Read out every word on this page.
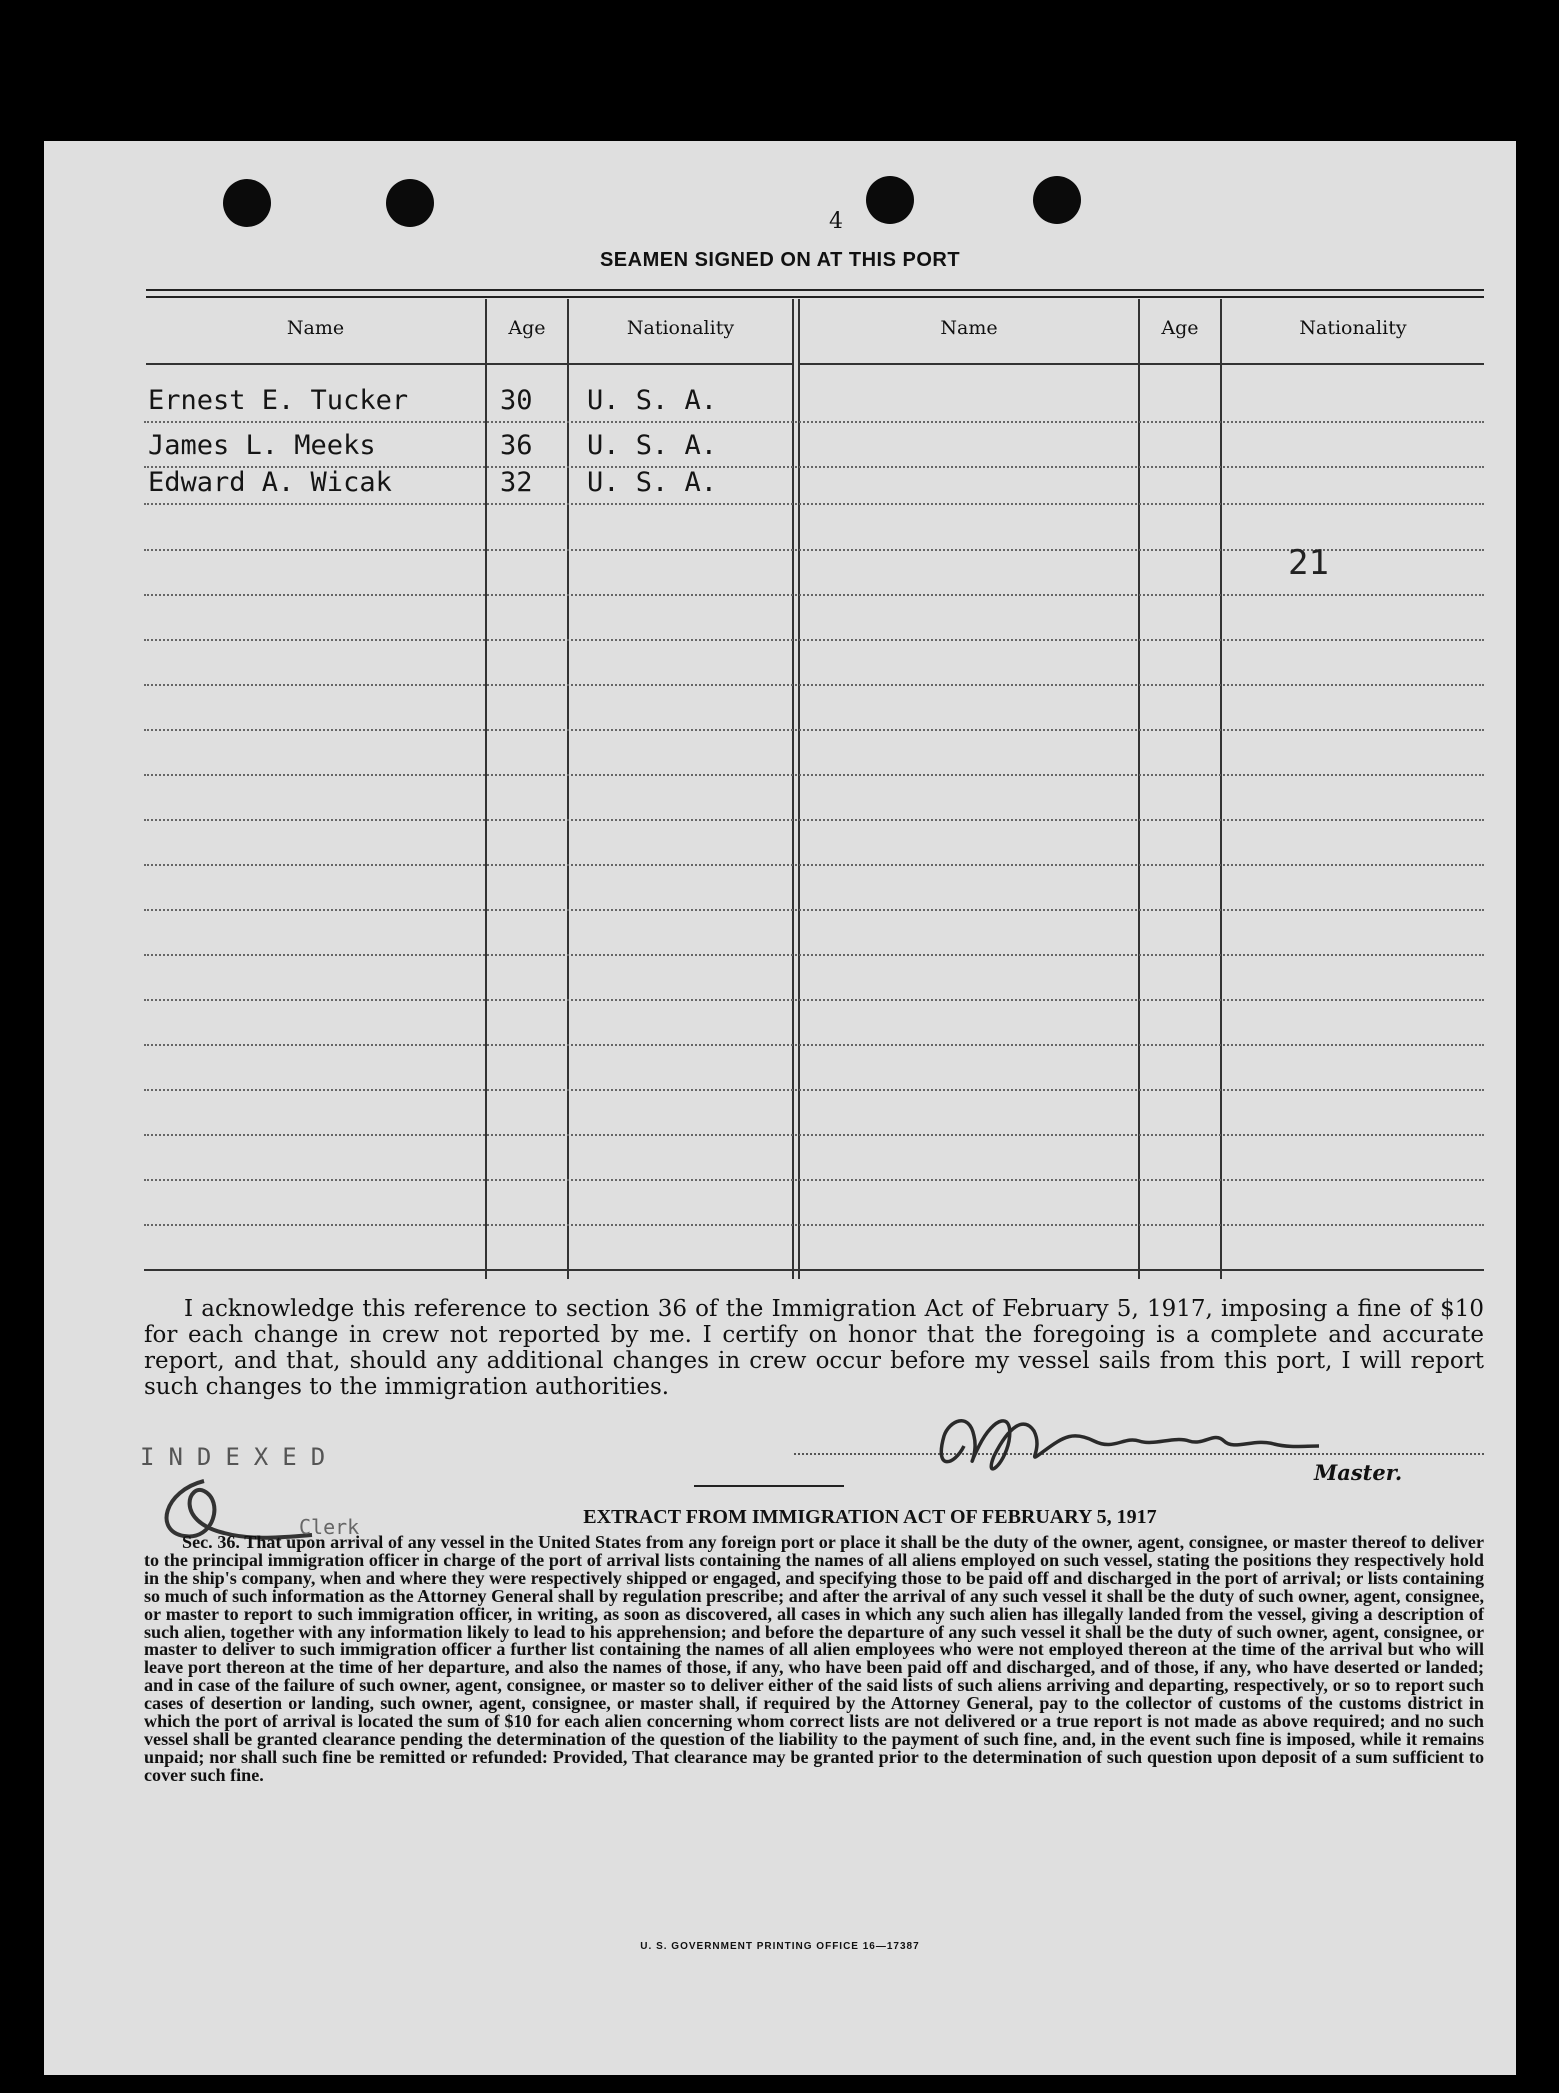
4
SEAMEN SIGNED ON AT THIS PORT
Name	Age	Nationality	Name	Age	Nationality
Ernest E. Tucker	30 U. S. A.
James L. Meeks	36 U. S. A.
Edward A. Wicak	32 U. S. A.
21
I acknowledge this reference to section 36 of the Immigration Act of February 5, 1917, imposing a fine of $10 for each change in crew not reported by me. I certify on honor that the foregoing is a complete and accurate report, and that, should any additional changes in crew occur before my vessel sails from this port, I will report such changes to the immigration authorities.
INDEXED
Clerk
Master.
EXTRACT FROM IMMIGRATION ACT OF FEBRUARY 5, 1917
Sec. 36. That upon arrival of any vessel in the United States from any foreign port or place it shall be the duty of the owner, agent, consignee, or master thereof to deliver to the principal immigration officer in charge of the port of arrival lists containing the names of all aliens employed on such vessel, stating the positions they respectively hold in the ship's company, when and where they were respectively shipped or engaged, and specifying those to be paid off and discharged in the port of arrival; or lists containing so much of such information as the Attorney General shall by regulation prescribe; and after the arrival of any such vessel it shall be the duty of such owner, agent, consignee, or master to report to such immigration officer, in writing, as soon as discovered, all cases in which any such alien has illegally landed from the vessel, giving a description of such alien, together with any information likely to lead to his apprehension; and before the departure of any such vessel it shall be the duty of such owner, agent, consignee, or master to deliver to such immigration officer a further list containing the names of all alien employees who were not employed thereon at the time of the arrival but who will leave port thereon at the time of her departure, and also the names of those, if any, who have been paid off and discharged, and of those, if any, who have deserted or landed; and in case of the failure of such owner, agent, consignee, or master so to deliver either of the said lists of such aliens arriving and departing, respectively, or so to report such cases of desertion or landing, such owner, agent, consignee, or master shall, if required by the Attorney General, pay to the collector of customs of the customs district in which the port of arrival is located the sum of $10 for each alien concerning whom correct lists are not delivered or a true report is not made as above required; and no such vessel shall be granted clearance pending the determination of the question of the liability to the payment of such fine, and, in the event such fine is imposed, while it remains unpaid; nor shall such fine be remitted or refunded: Provided, That clearance may be granted prior to the determination of such question upon deposit of a sum sufficient to cover such fine.
U. S. GOVERNMENT PRINTING OFFICE 16—17387
